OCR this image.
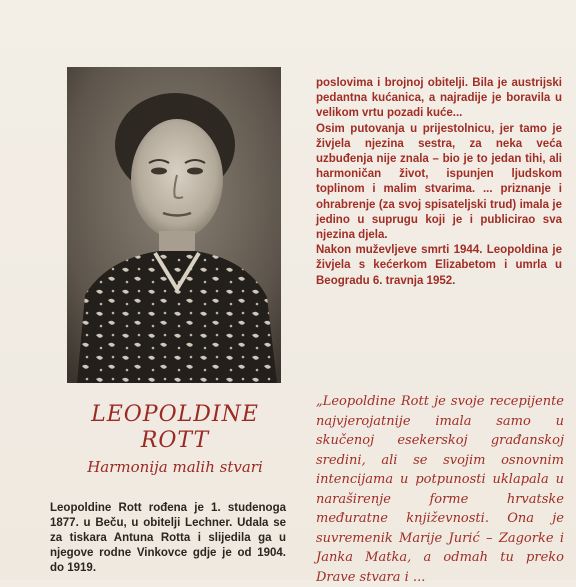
LEOPOLDINE
ROTT
Harmonija malih stvari
Leopoldine Rott rođena je 1. studenoga 1877. u Beču, u obitelji Lechner. Udala se za tiskara Antuna Rotta i slijedila ga u njegove rodne Vinkovce gdje je od 1904. do 1919.

poslovima i brojnoj obitelji. Bila je austrijski pedantna kućanica, a najradije je boravila u velikom vrtu pozadi kuće...

Osim putovanja u prijestolnicu, jer tamo je živjela njezina sestra, za neka veća uzbuđenja nije znala – bio je to jedan tihi, ali harmoničan život, ispunjen ljudskom toplinom i malim stvarima. ... priznanje i ohrabrenje (za svoj spisateljski trud) imala je jedino u suprugu koji je i publicirao sva njezina djela.

Nakon muževljeve smrti 1944. Leopoldina je živjela s kećerkom Elizabetom i umrla u Beogradu 6. travnja 1952.

„Leopoldine Rott je svoje recepijente najvjerojatnije imala samo u skučenoj esekerskoj građanskoj sredini, ali se svojim osnovnim intencijama u potpunosti uklapala u naraširenje forme hrvatske međuratne književnosti. Ona je suvremenik Marije Jurić – Zagorke i Janka Matka, a odmah tu preko Drave stvara i ...
